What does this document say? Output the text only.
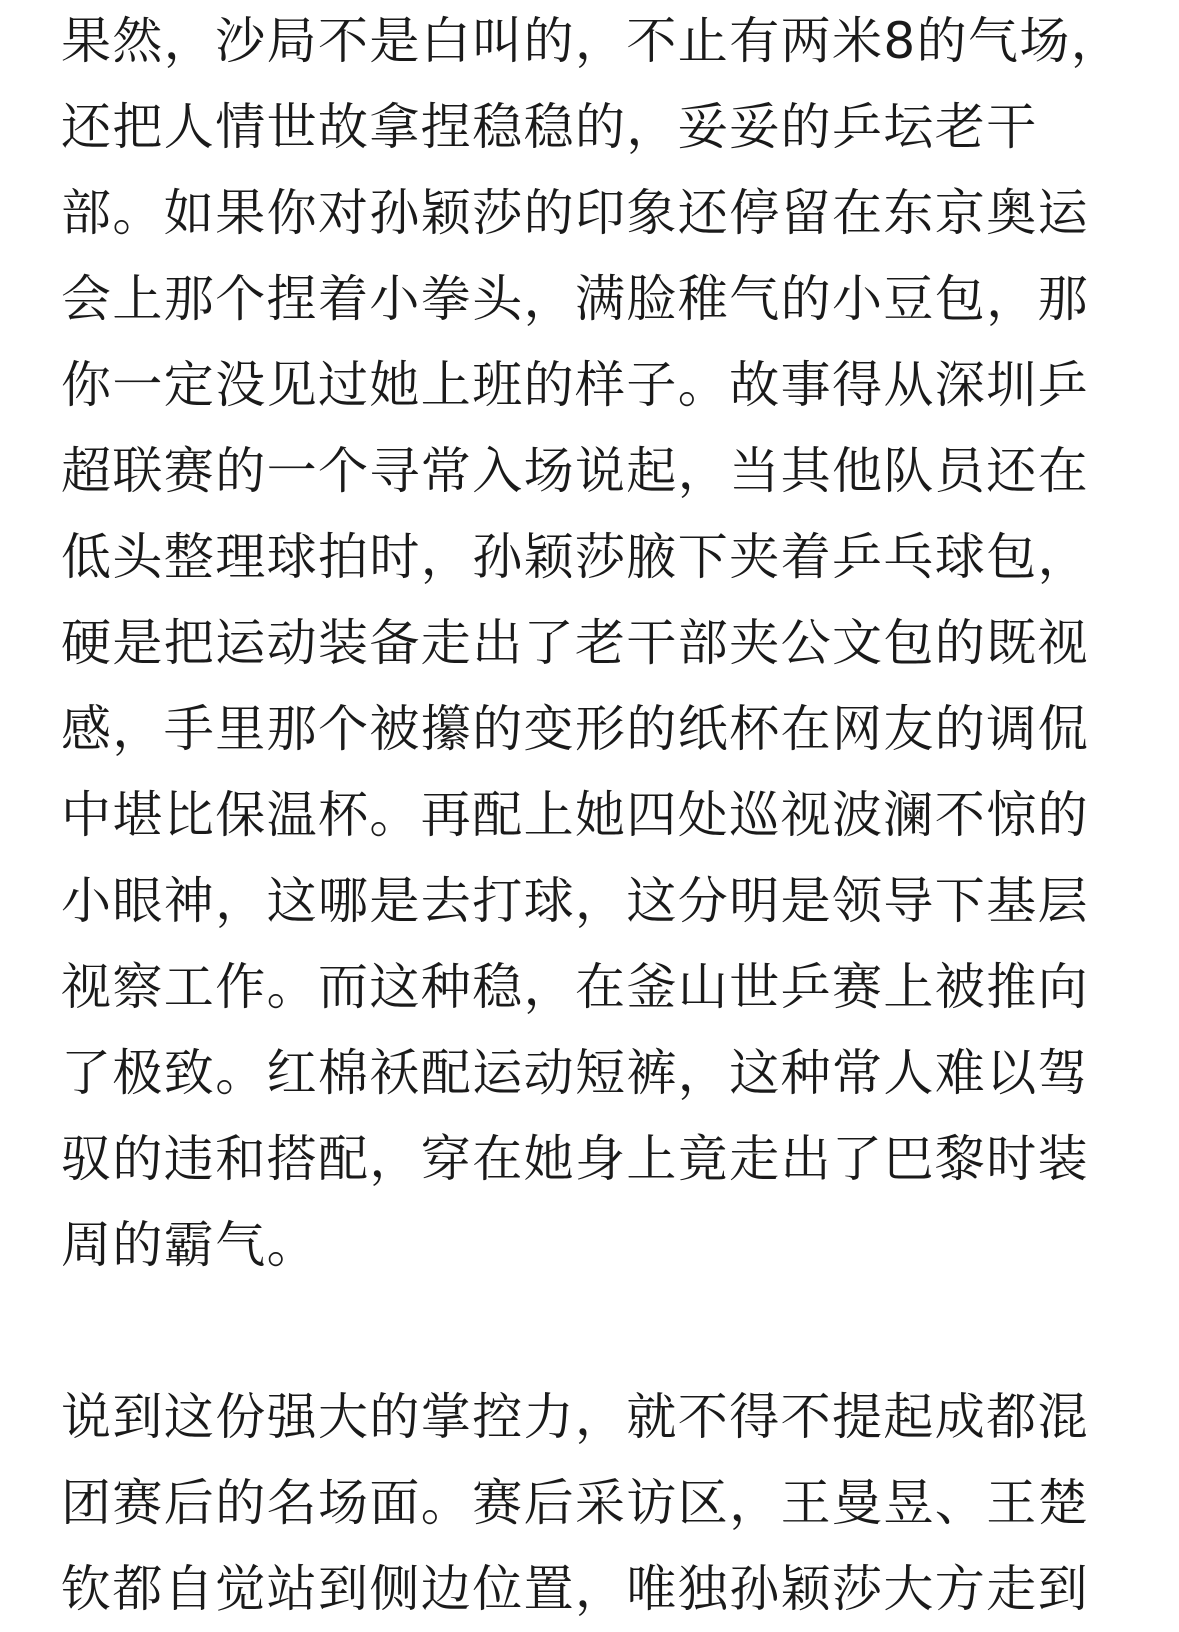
果然，沙局不是白叫的，不止有两米8的气场，
还把人情世故拿捏稳稳的，妥妥的乒坛老干
部。如果你对孙颖莎的印象还停留在东京奥运
会上那个捏着小拳头，满脸稚气的小豆包，那
你一定没见过她上班的样子。故事得从深圳乒
超联赛的一个寻常入场说起，当其他队员还在
低头整理球拍时，孙颖莎腋下夹着乒乓球包，
硬是把运动装备走出了老干部夹公文包的既视
感，手里那个被攥的变形的纸杯在网友的调侃
中堪比保温杯。再配上她四处巡视波澜不惊的
小眼神，这哪是去打球，这分明是领导下基层
视察工作。而这种稳，在釜山世乒赛上被推向
了极致。红棉袄配运动短裤，这种常人难以驾
驭的违和搭配，穿在她身上竟走出了巴黎时装
周的霸气。
说到这份强大的掌控力，就不得不提起成都混
团赛后的名场面。赛后采访区，王曼昱、王楚
钦都自觉站到侧边位置，唯独孙颖莎大方走到
